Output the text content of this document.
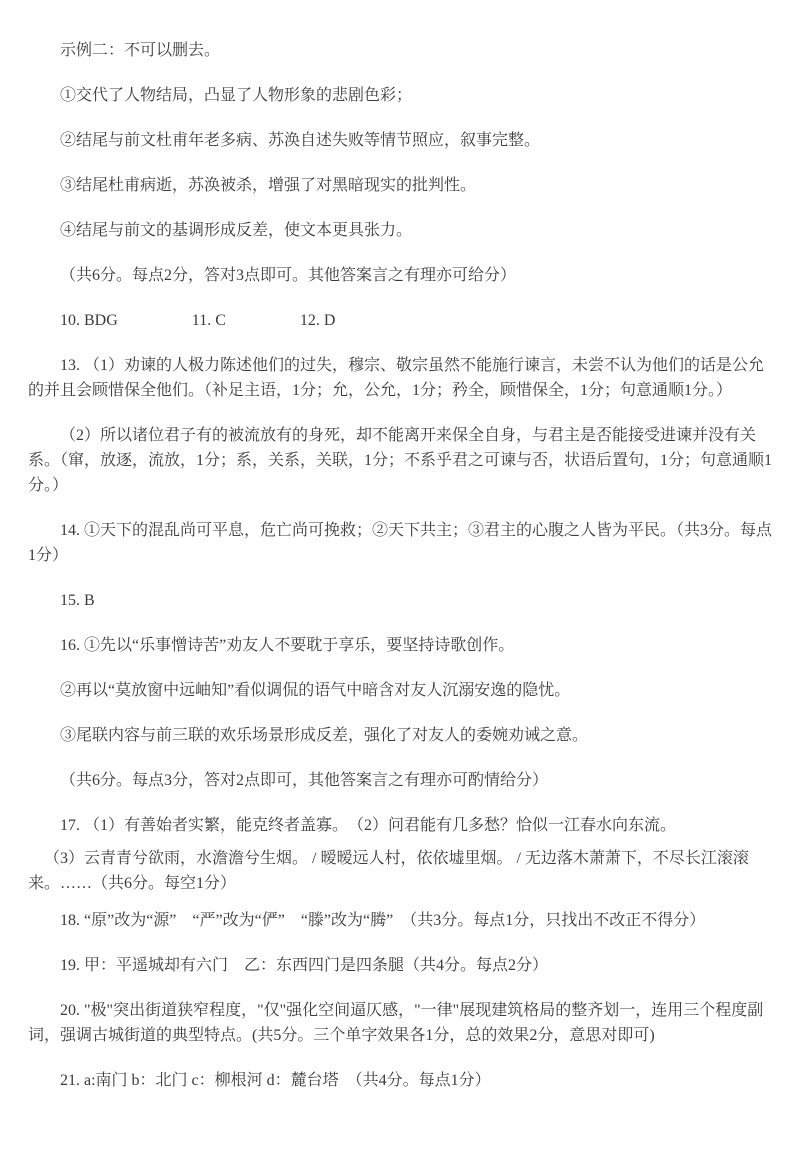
示例二：不可以删去。

①交代了人物结局，凸显了人物形象的悲剧色彩；

②结尾与前文杜甫年老多病、苏涣自述失败等情节照应，叙事完整。

③结尾杜甫病逝，苏涣被杀，增强了对黑暗现实的批判性。

④结尾与前文的基调形成反差，使文本更具张力。

（共6分。每点2分，答对3点即可。其他答案言之有理亦可给分）

10. BDG	11. C	12. D

13. （1）劝谏的人极力陈述他们的过失，穆宗、敬宗虽然不能施行谏言，未尝不认为他们的话是公允的并且会顾惜保全他们。（补足主语，1分；允，公允，1分；矜全，顾惜保全，1分；句意通顺1分。）

（2）所以诸位君子有的被流放有的身死，却不能离开来保全自身，与君主是否能接受进谏并没有关系。（窜，放逐，流放，1分；系，关系，关联，1分；不系乎君之可谏与否，状语后置句，1分；句意通顺1分。）

14. ①天下的混乱尚可平息，危亡尚可挽救；②天下共主；③君主的心腹之人皆为平民。（共3分。每点1分）

15. B

16. ①先以“乐事憎诗苦”劝友人不要耽于享乐，要坚持诗歌创作。

②再以“莫放窗中远岫知”看似调侃的语气中暗含对友人沉溺安逸的隐忧。

③尾联内容与前三联的欢乐场景形成反差，强化了对友人的委婉劝诫之意。

（共6分。每点3分，答对2点即可，其他答案言之有理亦可酌情给分）

17. （1）有善始者实繁，能克终者盖寡。　（2）问君能有几多愁？恰似一江春水向东流。

（3）云青青兮欲雨，水澹澹兮生烟。 / 暧暧远人村，依依墟里烟。 / 无边落木萧萧下，不尽长江滚滚来。……（共6分。每空1分）

18. “原”改为“源”　“严”改为“俨”　“滕”改为“腾”　（共3分。每点1分，只找出不改正不得分）

19. 甲：平遥城却有六门　乙：东西四门是四条腿（共4分。每点2分）

20. "极"突出街道狭窄程度，"仅"强化空间逼仄感，"一律"展现建筑格局的整齐划一，连用三个程度副词，强调古城街道的典型特点。(共5分。三个单字效果各1分，总的效果2分，意思对即可)

21. a:南门 b：北门 c：柳根河 d：麓台塔　（共4分。每点1分）
